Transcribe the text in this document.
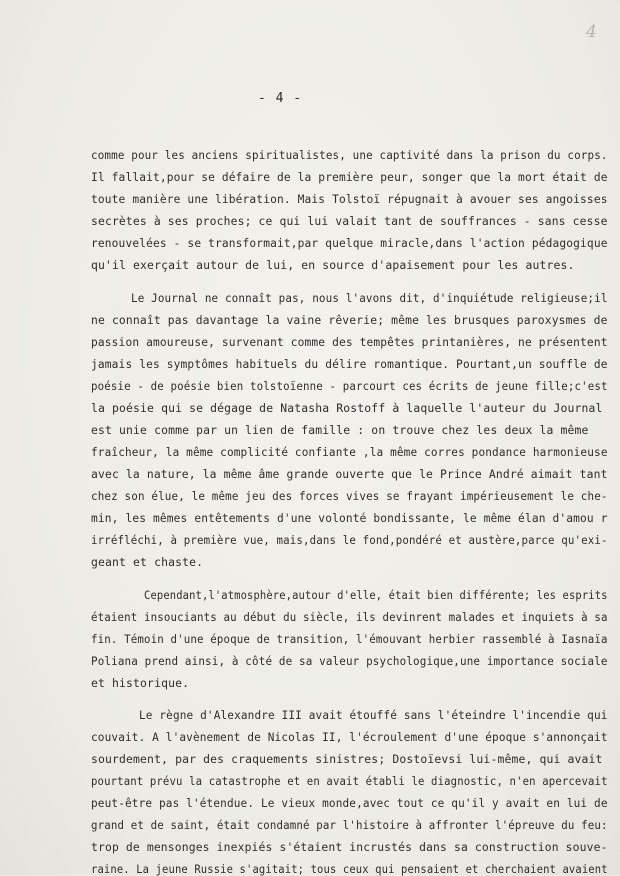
4
- 4 -
comme pour les anciens spiritualistes, une captivité dans la prison du corps.
Il fallait,pour se défaire de la première peur, songer que la mort était de
toute manière une libération. Mais Tolstoï répugnait à avouer ses angoisses
secrètes à ses proches; ce qui lui valait tant de souffrances - sans cesse
renouvelées - se transformait,par quelque miracle,dans l'action pédagogique
qu'il exerçait autour de lui, en source d'apaisement pour les autres.
Le Journal ne connaît pas, nous l'avons dit, d'inquiétude religieuse;il
ne connaît pas davantage la vaine rêverie; même les brusques paroxysmes de
passion amoureuse, survenant comme des tempêtes printanières, ne présentent
jamais les symptômes habituels du délire romantique. Pourtant,un souffle de
poésie - de poésie bien tolstoïenne - parcourt ces écrits de jeune fille;c'est
la poésie qui se dégage de Natasha Rostoff à laquelle l'auteur du Journal
est unie comme par un lien de famille : on trouve chez les deux la même
fraîcheur, la même complicité confiante ,la même corres pondance harmonieuse
avec la nature, la même âme grande ouverte que le Prince André aimait tant
chez son élue, le même jeu des forces vives se frayant impérieusement le che-
min, les mêmes entêtements d'une volonté bondissante, le même élan d'amou r
irréfléchi, à première vue, mais,dans le fond,pondéré et austère,parce qu'exi-
geant et chaste.
Cependant,l'atmosphère,autour d'elle, était bien différente; les esprits
étaient insouciants au début du siècle, ils devinrent malades et inquiets à sa
fin. Témoin d'une époque de transition, l'émouvant herbier rassemblé à Iasnaïa
Poliana prend ainsi, à côté de sa valeur psychologique,une importance sociale
et historique.
Le règne d'Alexandre III avait étouffé sans l'éteindre l'incendie qui
couvait. A l'avènement de Nicolas II, l'écroulement d'une époque s'annonçait
sourdement, par des craquements sinistres; Dostoïevsi lui-même, qui avait
pourtant prévu la catastrophe et en avait établi le diagnostic, n'en apercevait
peut-être pas l'étendue. Le vieux monde,avec tout ce qu'il y avait en lui de
grand et de saint, était condamné par l'histoire à affronter l'épreuve du feu:
trop de mensonges inexpiés s'étaient incrustés dans sa construction souve-
raine. La jeune Russie s'agitait; tous ceux qui pensaient et cherchaient avaient
